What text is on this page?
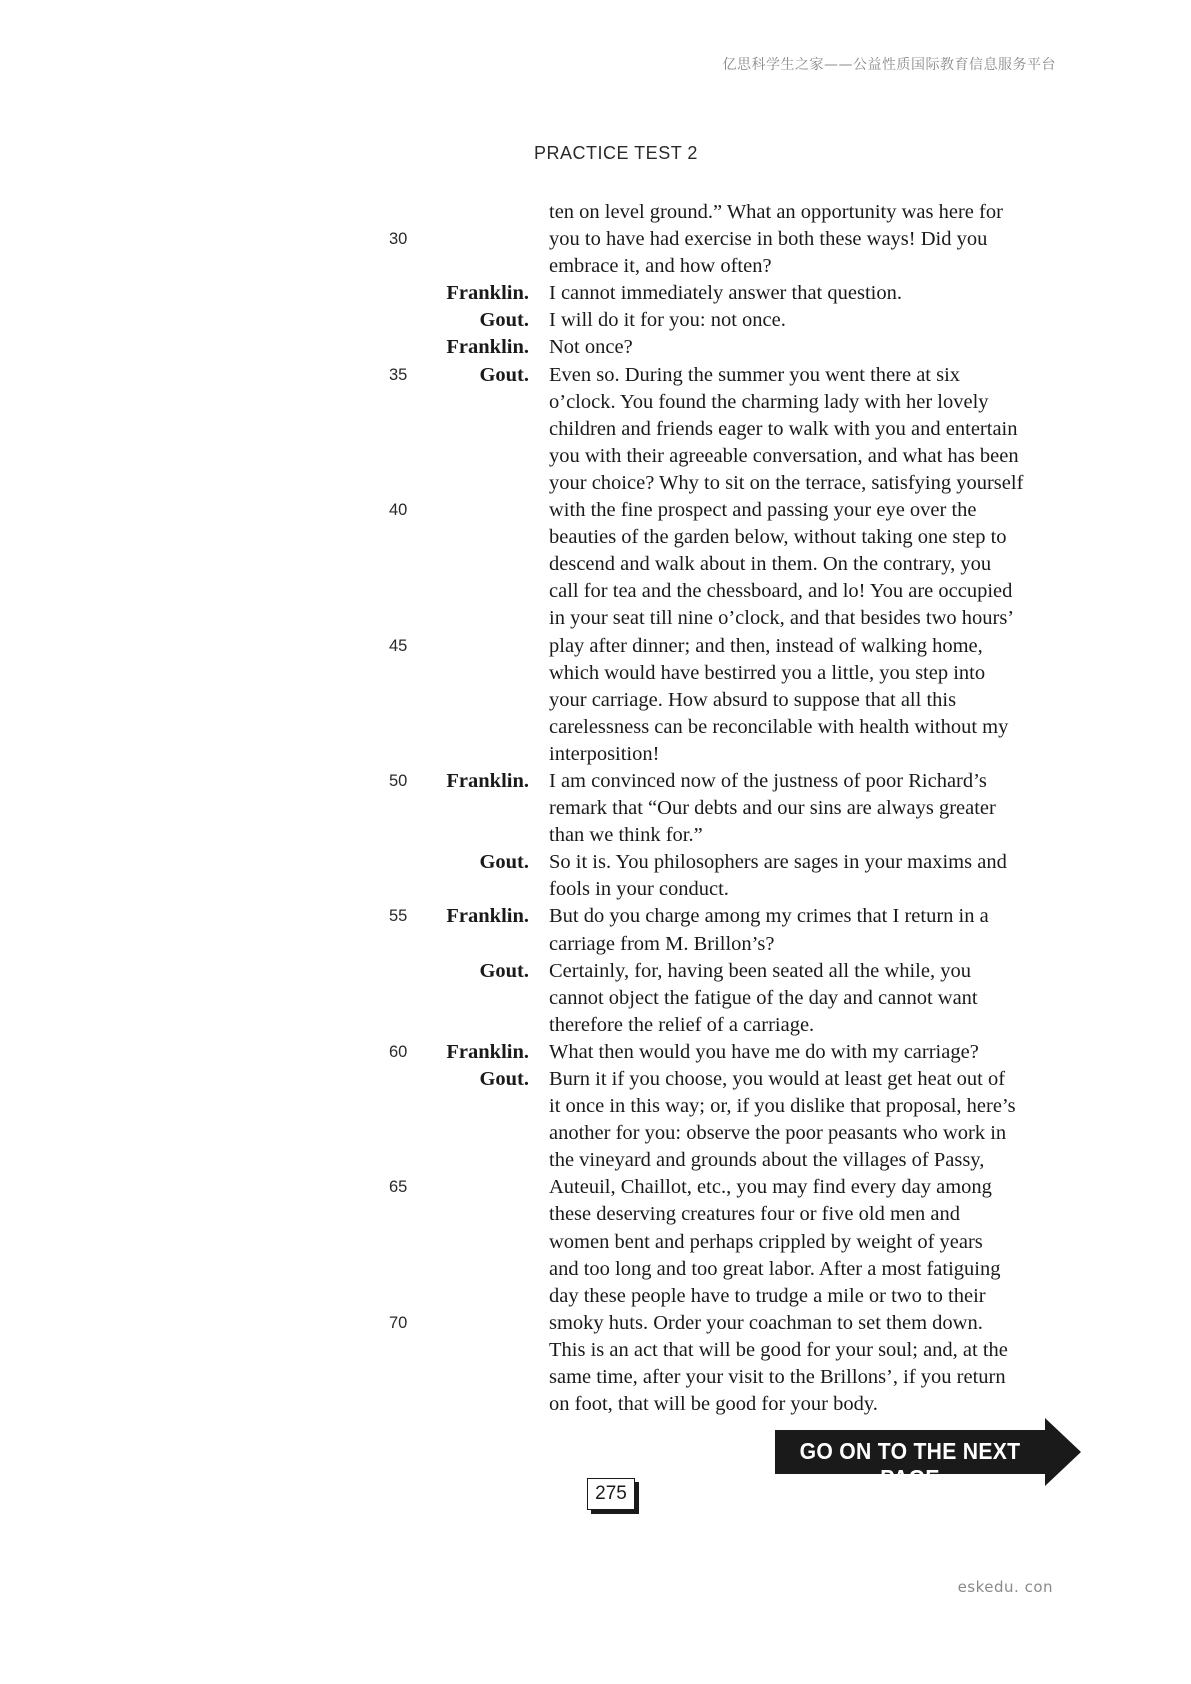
亿思科学生之家——公益性质国际教育信息服务平台
PRACTICE TEST 2
ten on level ground.” What an opportunity was here for
30	you to have had exercise in both these ways! Did you
embrace it, and how often?
Franklin. I cannot immediately answer that question.
Gout. I will do it for you: not once.
Franklin. Not once?
35	Gout. Even so. During the summer you went there at six
o’clock. You found the charming lady with her lovely
children and friends eager to walk with you and entertain
you with their agreeable conversation, and what has been
your choice? Why to sit on the terrace, satisfying yourself
40	with the fine prospect and passing your eye over the
beauties of the garden below, without taking one step to
descend and walk about in them. On the contrary, you
call for tea and the chessboard, and lo! You are occupied
in your seat till nine o’clock, and that besides two hours’
45	play after dinner; and then, instead of walking home,
which would have bestirred you a little, you step into
your carriage. How absurd to suppose that all this
carelessness can be reconcilable with health without my
interposition!
50 Franklin. I am convinced now of the justness of poor Richard’s
remark that “Our debts and our sins are always greater
than we think for.”
Gout. So it is. You philosophers are sages in your maxims and
fools in your conduct.
55 Franklin. But do you charge among my crimes that I return in a
carriage from M. Brillon’s?
Gout. Certainly, for, having been seated all the while, you
cannot object the fatigue of the day and cannot want
therefore the relief of a carriage.
60 Franklin. What then would you have me do with my carriage?
Gout. Burn it if you choose, you would at least get heat out of
it once in this way; or, if you dislike that proposal, here’s
another for you: observe the poor peasants who work in
the vineyard and grounds about the villages of Passy,
65	Auteuil, Chaillot, etc., you may find every day among
these deserving creatures four or five old men and
women bent and perhaps crippled by weight of years
and too long and too great labor. After a most fatiguing
day these people have to trudge a mile or two to their
70	smoky huts. Order your coachman to set them down.
This is an act that will be good for your soul; and, at the
same time, after your visit to the Brillons’, if you return
on foot, that will be good for your body.
GO ON TO THE NEXT PAGE
275
eskedu. con
